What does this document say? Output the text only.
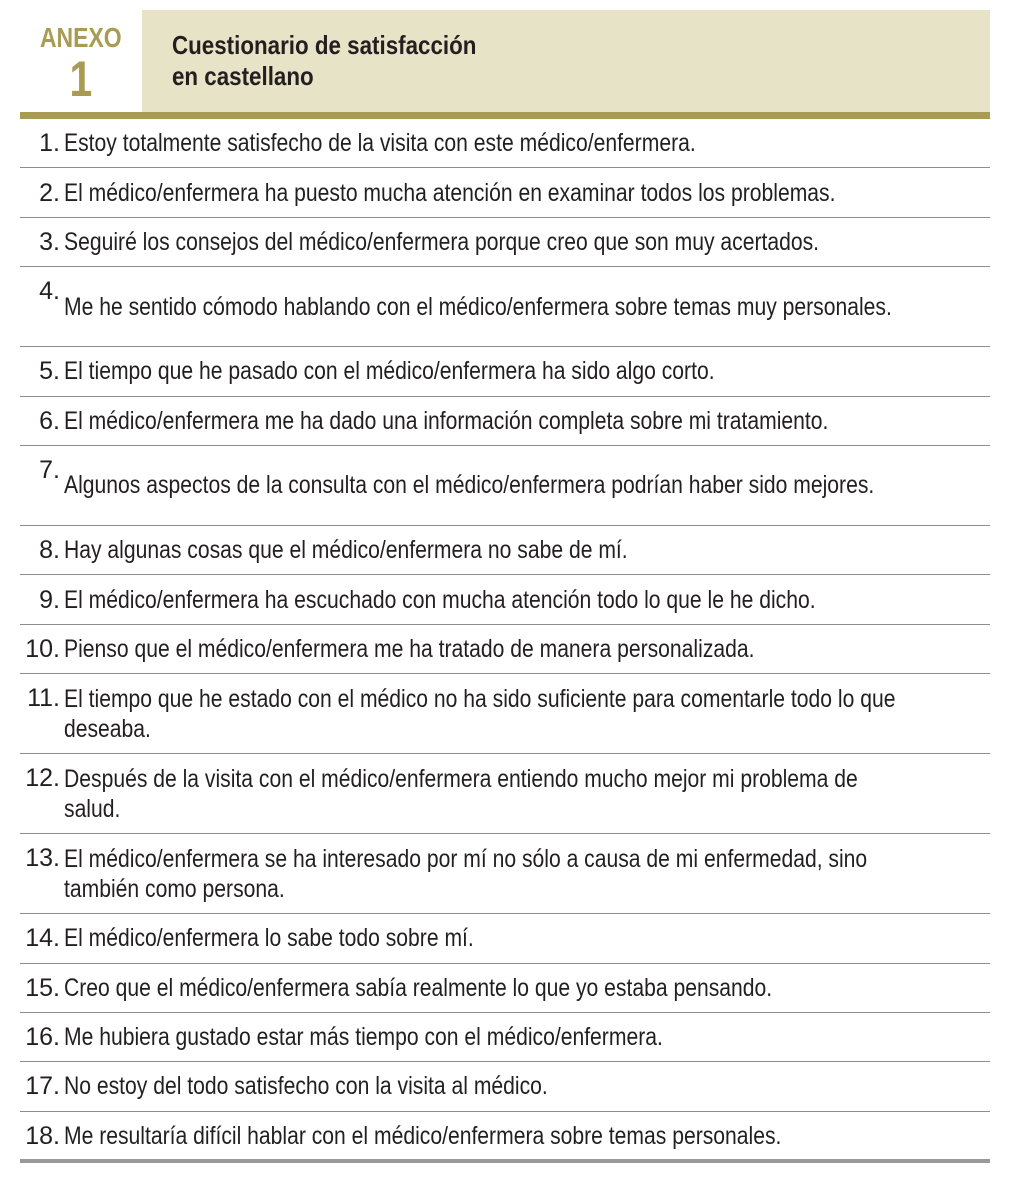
ANEXO
1
Cuestionario de satisfacción
en castellano
1. Estoy totalmente satisfecho de la visita con este médico/enfermera.
2. El médico/enfermera ha puesto mucha atención en examinar todos los problemas.
3. Seguiré los consejos del médico/enfermera porque creo que son muy acertados.
4.
Me he sentido cómodo hablando con el médico/enfermera sobre temas muy personales.
5. El tiempo que he pasado con el médico/enfermera ha sido algo corto.
6. El médico/enfermera me ha dado una información completa sobre mi tratamiento.
7.
Algunos aspectos de la consulta con el médico/enfermera podrían haber sido mejores.
8. Hay algunas cosas que el médico/enfermera no sabe de mí.
9. El médico/enfermera ha escuchado con mucha atención todo lo que le he dicho.
10. Pienso que el médico/enfermera me ha tratado de manera personalizada.
11. El tiempo que he estado con el médico no ha sido suficiente para comentarle todo lo que deseaba.
12. Después de la visita con el médico/enfermera entiendo mucho mejor mi problema de salud.
13. El médico/enfermera se ha interesado por mí no sólo a causa de mi enfermedad, sino también como persona.
14. El médico/enfermera lo sabe todo sobre mí.
15. Creo que el médico/enfermera sabía realmente lo que yo estaba pensando.
16. Me hubiera gustado estar más tiempo con el médico/enfermera.
17. No estoy del todo satisfecho con la visita al médico.
18. Me resultaría difícil hablar con el médico/enfermera sobre temas personales.
